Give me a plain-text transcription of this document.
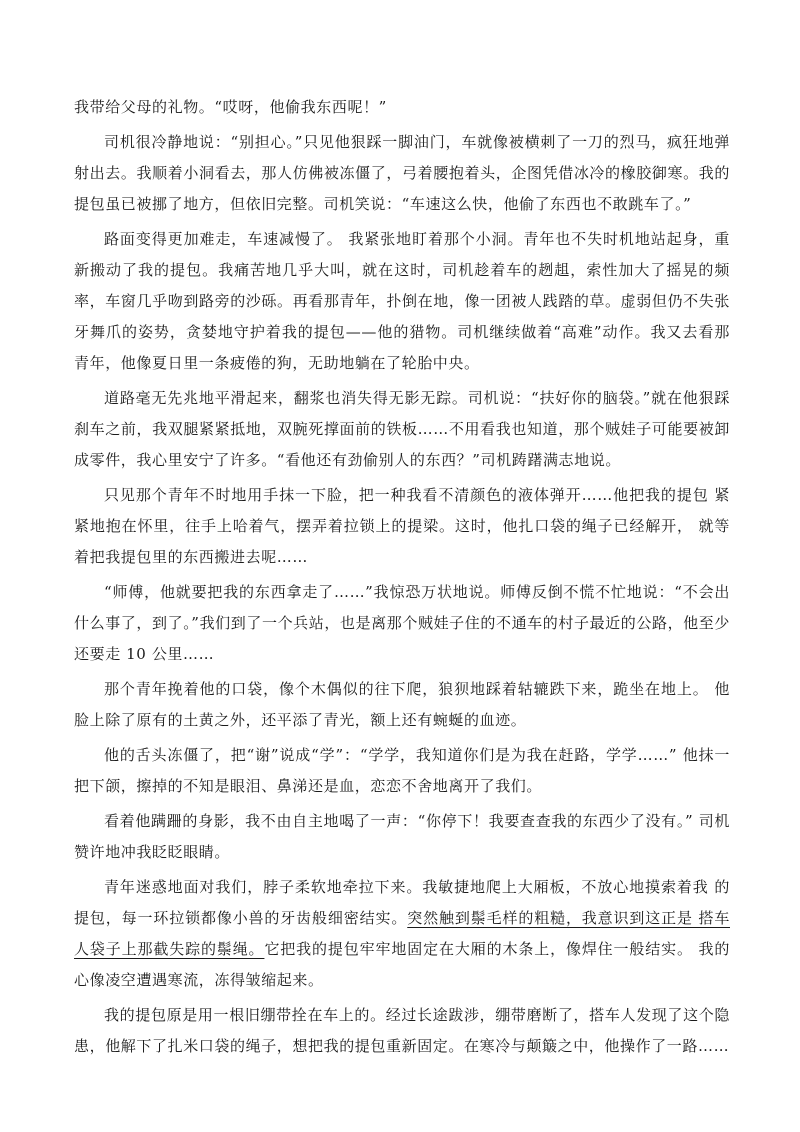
我带给父母的礼物。“哎呀，他偷我东西呢！”

司机很冷静地说：“别担心。”只见他狠踩一脚油门，车就像被横刺了一刀的烈马，疯狂地弹射出去。我顺着小洞看去，那人仿佛被冻僵了，弓着腰抱着头，企图凭借冰冷的橡胶御寒。我的提包虽已被挪了地方，但依旧完整。司机笑说：“车速这么快，他偷了东西也不敢跳车了。”

路面变得更加难走，车速减慢了。 我紧张地盯着那个小洞。青年也不失时机地站起身，重新搬动了我的提包。我痛苦地几乎大叫，就在这时，司机趁着车的趔趄，索性加大了摇晃的频率，车窗几乎吻到路旁的沙砾。再看那青年，扑倒在地，像一团被人践踏的草。虚弱但仍不失张牙舞爪的姿势，贪婪地守护着我的提包——他的猎物。司机继续做着“高难”动作。我又去看那青年，他像夏日里一条疲倦的狗，无助地躺在了轮胎中央。

道路毫无先兆地平滑起来，翻浆也消失得无影无踪。司机说：“扶好你的脑袋。”就在他狠踩刹车之前，我双腿紧紧抵地，双腕死撑面前的铁板……不用看我也知道，那个贼娃子可能要被卸成零件，我心里安宁了许多。“看他还有劲偷别人的东西？”司机踌躇满志地说。

只见那个青年不时地用手抹一下脸，把一种我看不清颜色的液体弹开……他把我的提包 紧紧地抱在怀里，往手上哈着气，摆弄着拉锁上的提梁。这时，他扎口袋的绳子已经解开， 就等着把我提包里的东西搬进去呢……

“师傅，他就要把我的东西拿走了……”我惊恐万状地说。师傅反倒不慌不忙地说：“不会出什么事了，到了。”我们到了一个兵站，也是离那个贼娃子住的不通车的村子最近的公路，他至少还要走 10 公里……

那个青年挽着他的口袋，像个木偶似的往下爬，狼狈地踩着轱辘跌下来，跪坐在地上。 他脸上除了原有的土黄之外，还平添了青光，额上还有蜿蜒的血迹。

他的舌头冻僵了，把“谢”说成“学”：“学学，我知道你们是为我在赶路，学学……” 他抹一把下颌，擦掉的不知是眼泪、鼻涕还是血，恋恋不舍地离开了我们。

看着他蹒跚的身影，我不由自主地喝了一声：“你停下！我要查查我的东西少了没有。” 司机赞许地冲我眨眨眼睛。

青年迷惑地面对我们，脖子柔软地牵拉下来。我敏捷地爬上大厢板，不放心地摸索着我 的提包，每一环拉锁都像小兽的牙齿般细密结实。突然触到鬃毛样的粗糙，我意识到这正是 搭车人袋子上那截失踪的鬃绳。它把我的提包牢牢地固定在大厢的木条上，像焊住一般结实。 我的心像凌空遭遇寒流，冻得皱缩起来。

我的提包原是用一根旧绷带拴在车上的。经过长途跋涉，绷带磨断了，搭车人发现了这个隐患，他解下了扎米口袋的绳子，想把我的提包重新固定。在寒冷与颠簸之中，他操作了一路……
